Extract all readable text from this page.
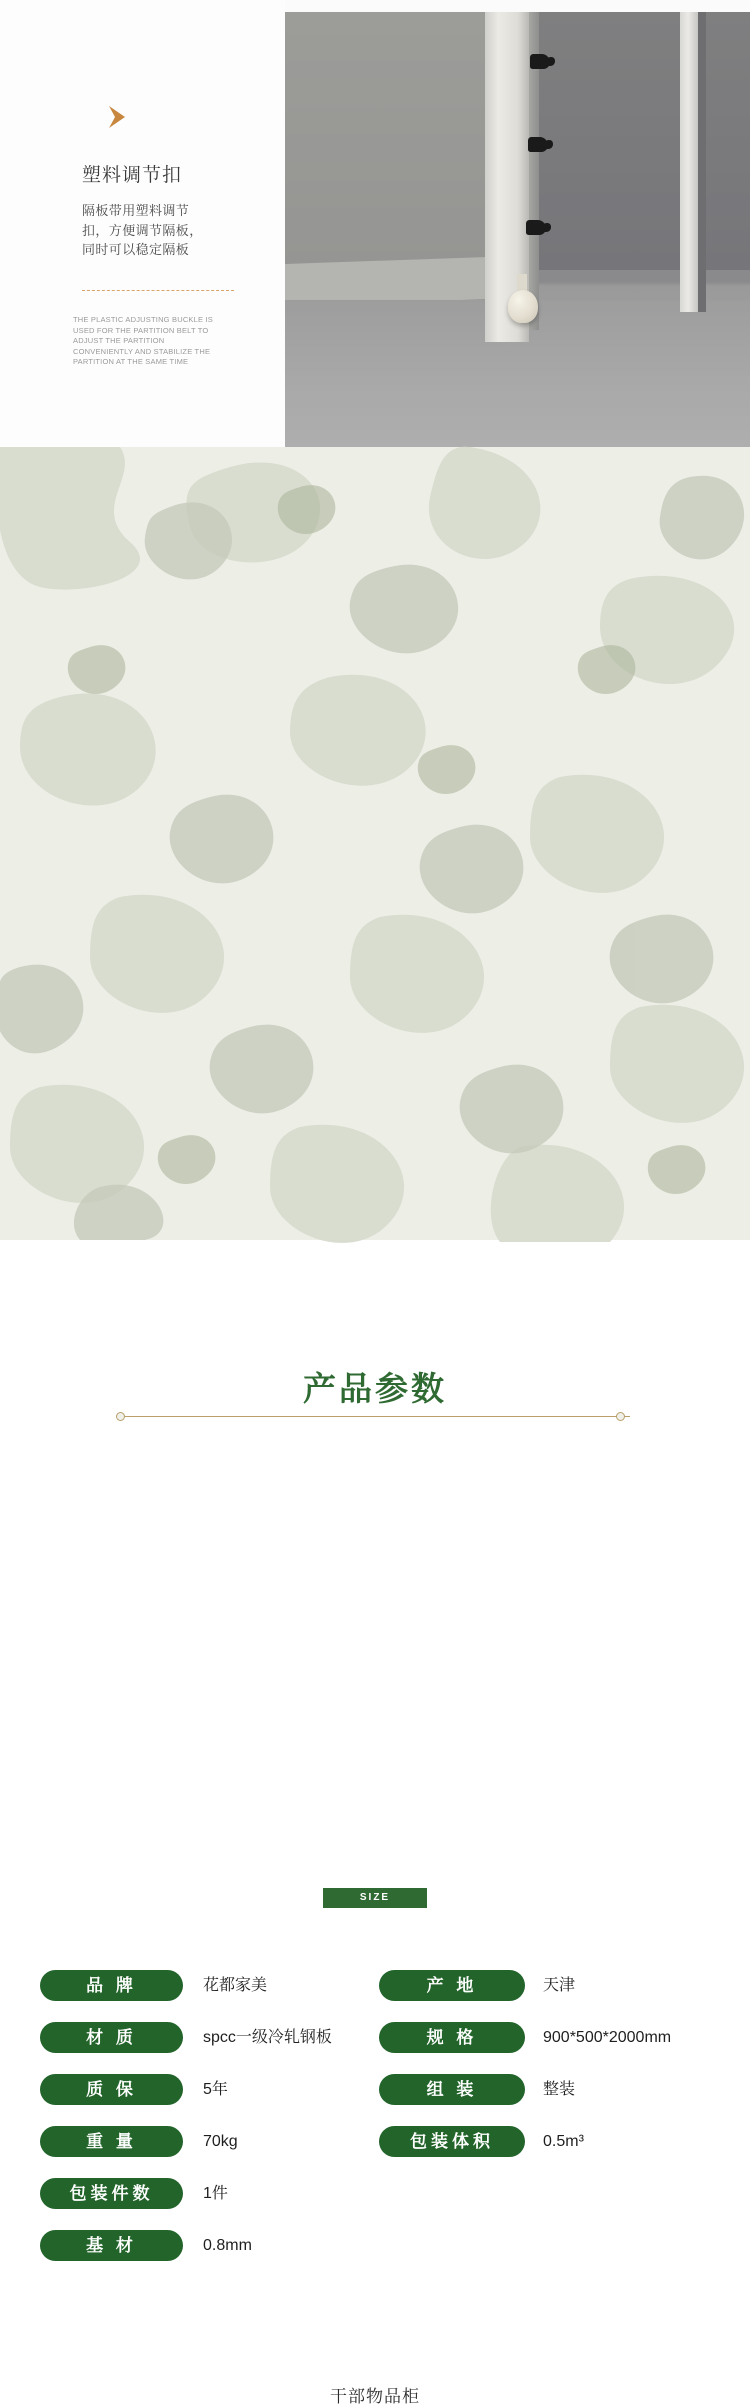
塑料调节扣
隔板带用塑料调节扣，方便调节隔板，同时可以稳定隔板
THE PLASTIC ADJUSTING BUCKLE IS USED FOR THE PARTITION BELT TO ADJUST THE PARTITION CONVENIENTLY AND STABILIZE THE PARTITION AT THE SAME TIME
产品参数
SIZE
品 牌	花都家美	产 地	天津
材 质	spcc一级冷轧钢板	规 格	900*500*2000mm
质 保	5年	组 装	整装
重 量	70kg	包装体积	0.5m³
包装件数	1件
基 材	0.8mm
干部物品柜
